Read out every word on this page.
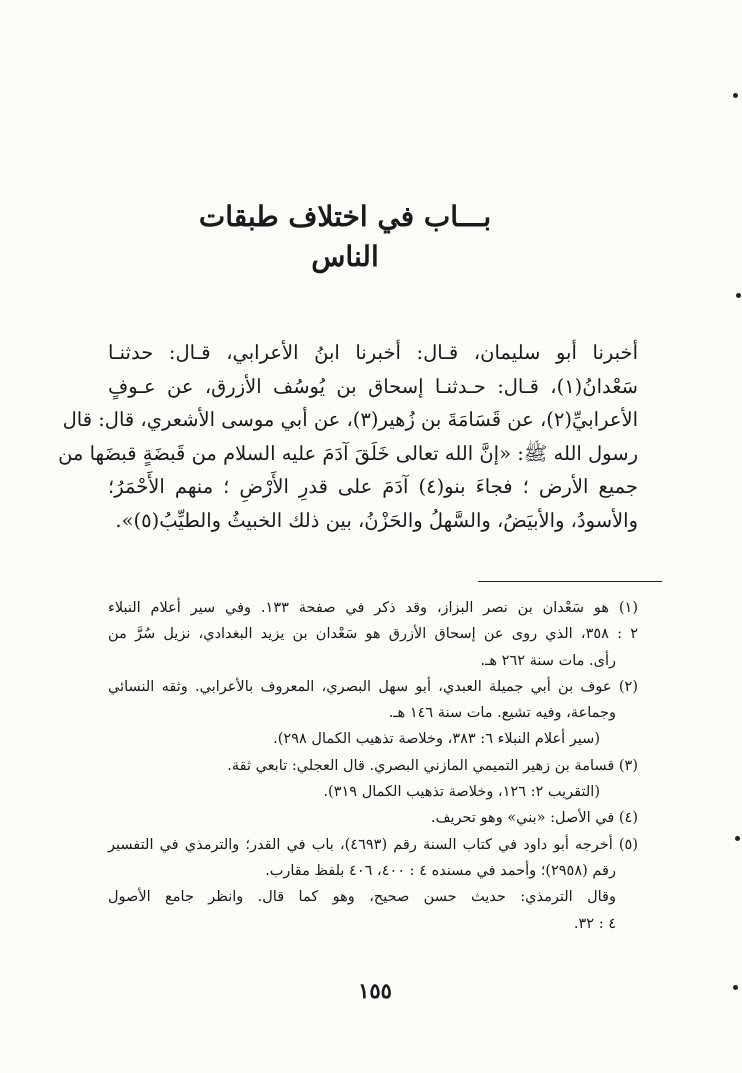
بـــاب في اختلاف طبقات الناس
أخبرنا أبو سليمان، قـال: أخبرنا ابنُ الأعرابي، قـال: حدثنـا
سَعْدانُ(١)، قـال: حـدثنـا إسحاق بن يُوسُف الأزرق، عن عـوفٍ
الأعرابيِّ(٢)، عن قَسَامَةَ بن زُهير(٣)، عن أبي موسى الأشعري، قال: قال
رسول الله ﷺ: «إنَّ الله تعالى خَلَقَ آدَمَ عليه السلام من قَبضَةٍ قبضَها من
جميع الأرض ؛ فجاءَ بنو(٤) آدَمَ على قدرِ الأَرْضِ ؛ منهم الأَحْمَرُ؛
والأسودُ، والأبيَضُ، والسَّهلُ والحَزْنُ، بين ذلك الخبيثُ والطيِّبُ(٥)».
(١) هو سَعْدان بن نصر البزاز، وقد ذكر في صفحة ١٣٣. وفي سير أعلام النبلاء
٢ : ٣٥٨، الذي روى عن إسحاق الأزرق هو سَعْدان بن يزيد البغدادي، نزيل سُرَّ من
رأى. مات سنة ٢٦٢ هـ.
(٢) عوف بن أبي جميلة العبدي، أبو سهل البصري، المعروف بالأعرابي. وثقه النسائي
وجماعة، وفيه تشيع. مات سنة ١٤٦ هـ.
(سير أعلام النبلاء ٦: ٣٨٣، وخلاصة تذهيب الكمال ٢٩٨).
(٣) قسامة بن زهير التميمي المازني البصري. قال العجلي: تابعي ثقة.
(التقريب ٢: ١٢٦، وخلاصة تذهيب الكمال ٣١٩).
(٤) في الأصل: «بني» وهو تحريف.
(٥) أخرجه أبو داود في كتاب السنة رقم (٤٦٩٣)، باب في القدر؛ والترمذي في التفسير
رقم (٢٩٥٨)؛ وأحمد في مسنده ٤ : ٤٠٠، ٤٠٦ بلفظ مقارب.
وقال الترمذي: حديث حسن صحيح، وهو كما قال. وانظر جامع الأصول
٤ : ٣٢.
١٥٥
